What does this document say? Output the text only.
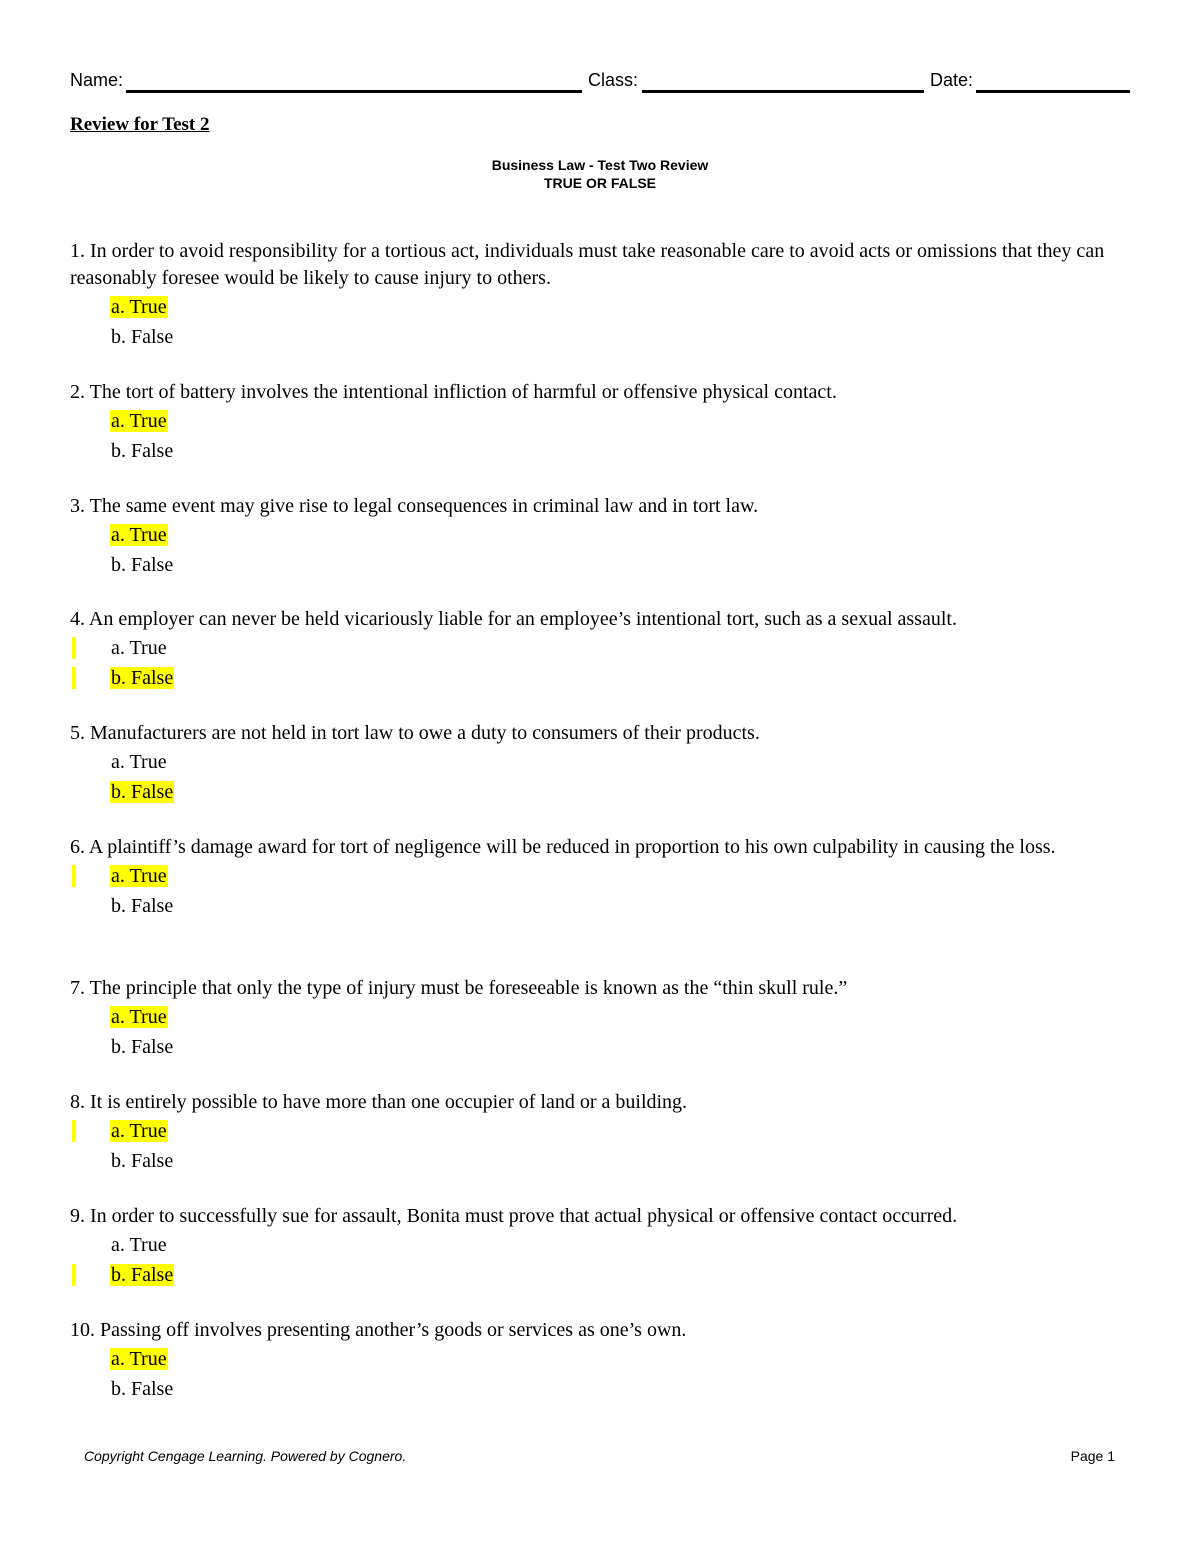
Name:	Class:	Date:
Review for Test 2
Business Law - Test Two Review
TRUE OR FALSE

1. In order to avoid responsibility for a tortious act, individuals must take reasonable care to avoid acts or omissions that they can reasonably foresee would be likely to cause injury to others.

a. True
b. False

2. The tort of battery involves the intentional infliction of harmful or offensive physical contact.

a. True
b. False

3. The same event may give rise to legal consequences in criminal law and in tort law.

a. True
b. False

4. An employer can never be held vicariously liable for an employee’s intentional tort, such as a sexual assault.

a. True
b. False

5. Manufacturers are not held in tort law to owe a duty to consumers of their products.

a. True
b. False

6. A plaintiff’s damage award for tort of negligence will be reduced in proportion to his own culpability in causing the loss.

a. True
b. False

7. The principle that only the type of injury must be foreseeable is known as the “thin skull rule.”

a. True
b. False

8. It is entirely possible to have more than one occupier of land or a building.

a. True
b. False

9. In order to successfully sue for assault, Bonita must prove that actual physical or offensive contact occurred.

a. True
b. False

10. Passing off involves presenting another’s goods or services as one’s own.

a. True
b. False
Copyright Cengage Learning. Powered by Cognero.	Page 1
